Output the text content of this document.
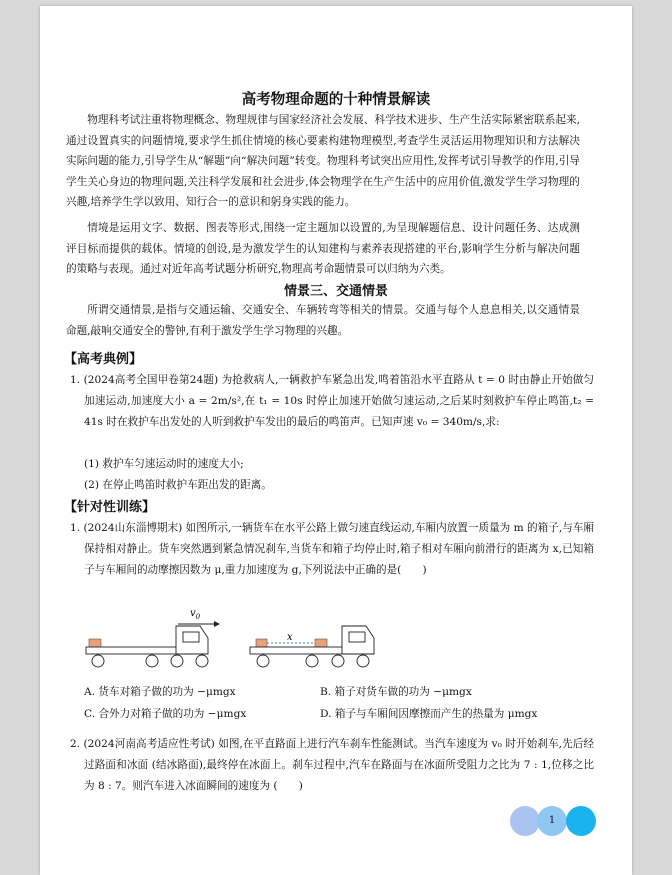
高考物理命题的十种情景解读
物理科考试注重将物理概念、物理规律与国家经济社会发展、科学技术进步、生产生活实际紧密联系起来,通过设置真实的问题情境,要求学生抓住情境的核心要素构建物理模型,考查学生灵活运用物理知识和方法解决实际问题的能力,引导学生从“解题”向“解决问题”转变。物理科考试突出应用性,发挥考试引导教学的作用,引导学生关心身边的物理问题,关注科学发展和社会进步,体会物理学在生产生活中的应用价值,激发学生学习物理的兴趣,培养学生学以致用、知行合一的意识和躬身实践的能力。
情境是运用文字、数据、图表等形式,围绕一定主题加以设置的,为呈现解题信息、设计问题任务、达成测评目标而提供的载体。情境的创设,是为激发学生的认知建构与素养表现搭建的平台,影响学生分析与解决问题的策略与表现。通过对近年高考试题分析研究,物理高考命题情景可以归纳为六类。
情景三、交通情景
所谓交通情景,是指与交通运输、交通安全、车辆转弯等相关的情景。交通与每个人息息相关,以交通情景命题,敲响交通安全的警钟,有利于激发学生学习物理的兴趣。
【高考典例】
1. (2024高考全国甲卷第24题) 为抢救病人,一辆救护车紧急出发,鸣着笛沿水平直路从 t = 0 时由静止开始做匀加速运动,加速度大小 a = 2m/s²,在 t₁ = 10s 时停止加速开始做匀速运动,之后某时刻救护车停止鸣笛,t₂ = 41s 时在救护车出发处的人听到救护车发出的最后的鸣笛声。已知声速 v₀ = 340m/s,求:
(1) 救护车匀速运动时的速度大小;
(2) 在停止鸣笛时救护车距出发的距离。
【针对性训练】
1. (2024山东淄博期末) 如图所示,一辆货车在水平公路上做匀速直线运动,车厢内放置一质量为 m 的箱子,与车厢保持相对静止。货车突然遇到紧急情况刹车,当货车和箱子均停止时,箱子相对车厢向前滑行的距离为 x,已知箱子与车厢间的动摩擦因数为 μ,重力加速度为 g,下列说法中正确的是(　　)
$v_0$
x
A. 货车对箱子做的功为 −μmgx	B. 箱子对货车做的功为 −μmgx
C. 合外力对箱子做的功为 −μmgx	D. 箱子与车厢间因摩擦而产生的热量为 μmgx
2. (2024河南高考适应性考试) 如图,在平直路面上进行汽车刹车性能测试。当汽车速度为 v₀ 时开始刹车,先后经过路面和冰面 (结冰路面),最终停在冰面上。刹车过程中,汽车在路面与在冰面所受阻力之比为 7 : 1,位移之比为 8 : 7。则汽车进入冰面瞬间的速度为 (　　)
1
